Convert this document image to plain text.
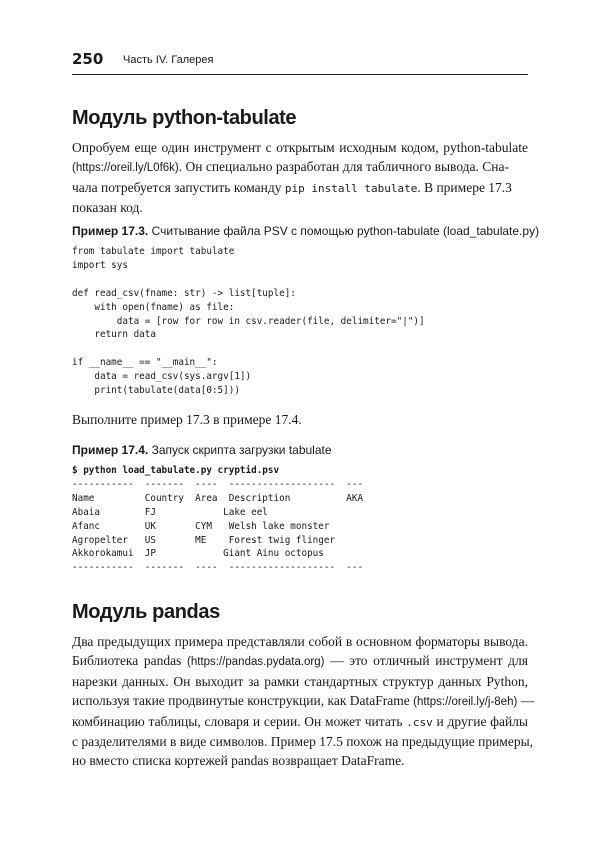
250 Часть IV. Галерея
Модуль python-tabulate
Опробуем еще один инструмент с открытым исходным кодом, python-tabulate
(https://oreil.ly/L0f6k). Он специально разработан для табличного вывода. Сна-
чала потребуется запустить команду pip install tabulate. В примере 17.3
показан код.
Пример 17.3. Считывание файла PSV с помощью python-tabulate (load_tabulate.py)
from tabulate import tabulate
import sys

def read_csv(fname: str) -> list[tuple]:
with open(fname) as file:
data = [row for row in csv.reader(file, delimiter="|")]
return data

if __name__ == "__main__":
data = read_csv(sys.argv[1])
print(tabulate(data[0:5]))
Выполните пример 17.3 в примере 17.4.
Пример 17.4. Запуск скрипта загрузки tabulate
$ python load_tabulate.py cryptid.psv
-----------  -------  ----  -------------------  ---
Name         Country  Area  Description          AKA
Abaia        FJ            Lake eel
Afanc        UK       CYM   Welsh lake monster
Agropelter   US       ME    Forest twig flinger
Akkorokamui  JP            Giant Ainu octopus
-----------  -------  ----  -------------------  ---
Модуль pandas
Два предыдущих примера представляли собой в основном форматоры вывода.
Библиотека pandas (https://pandas.pydata.org) — это отличный инструмент для
нарезки данных. Он выходит за рамки стандартных структур данных Python,
используя такие продвинутые конструкции, как DataFrame (https://oreil.ly/j-8eh) —
комбинацию таблицы, словаря и серии. Он может читать .csv и другие файлы
с разделителями в виде символов. Пример 17.5 похож на предыдущие примеры,
но вместо списка кортежей pandas возвращает DataFrame.
